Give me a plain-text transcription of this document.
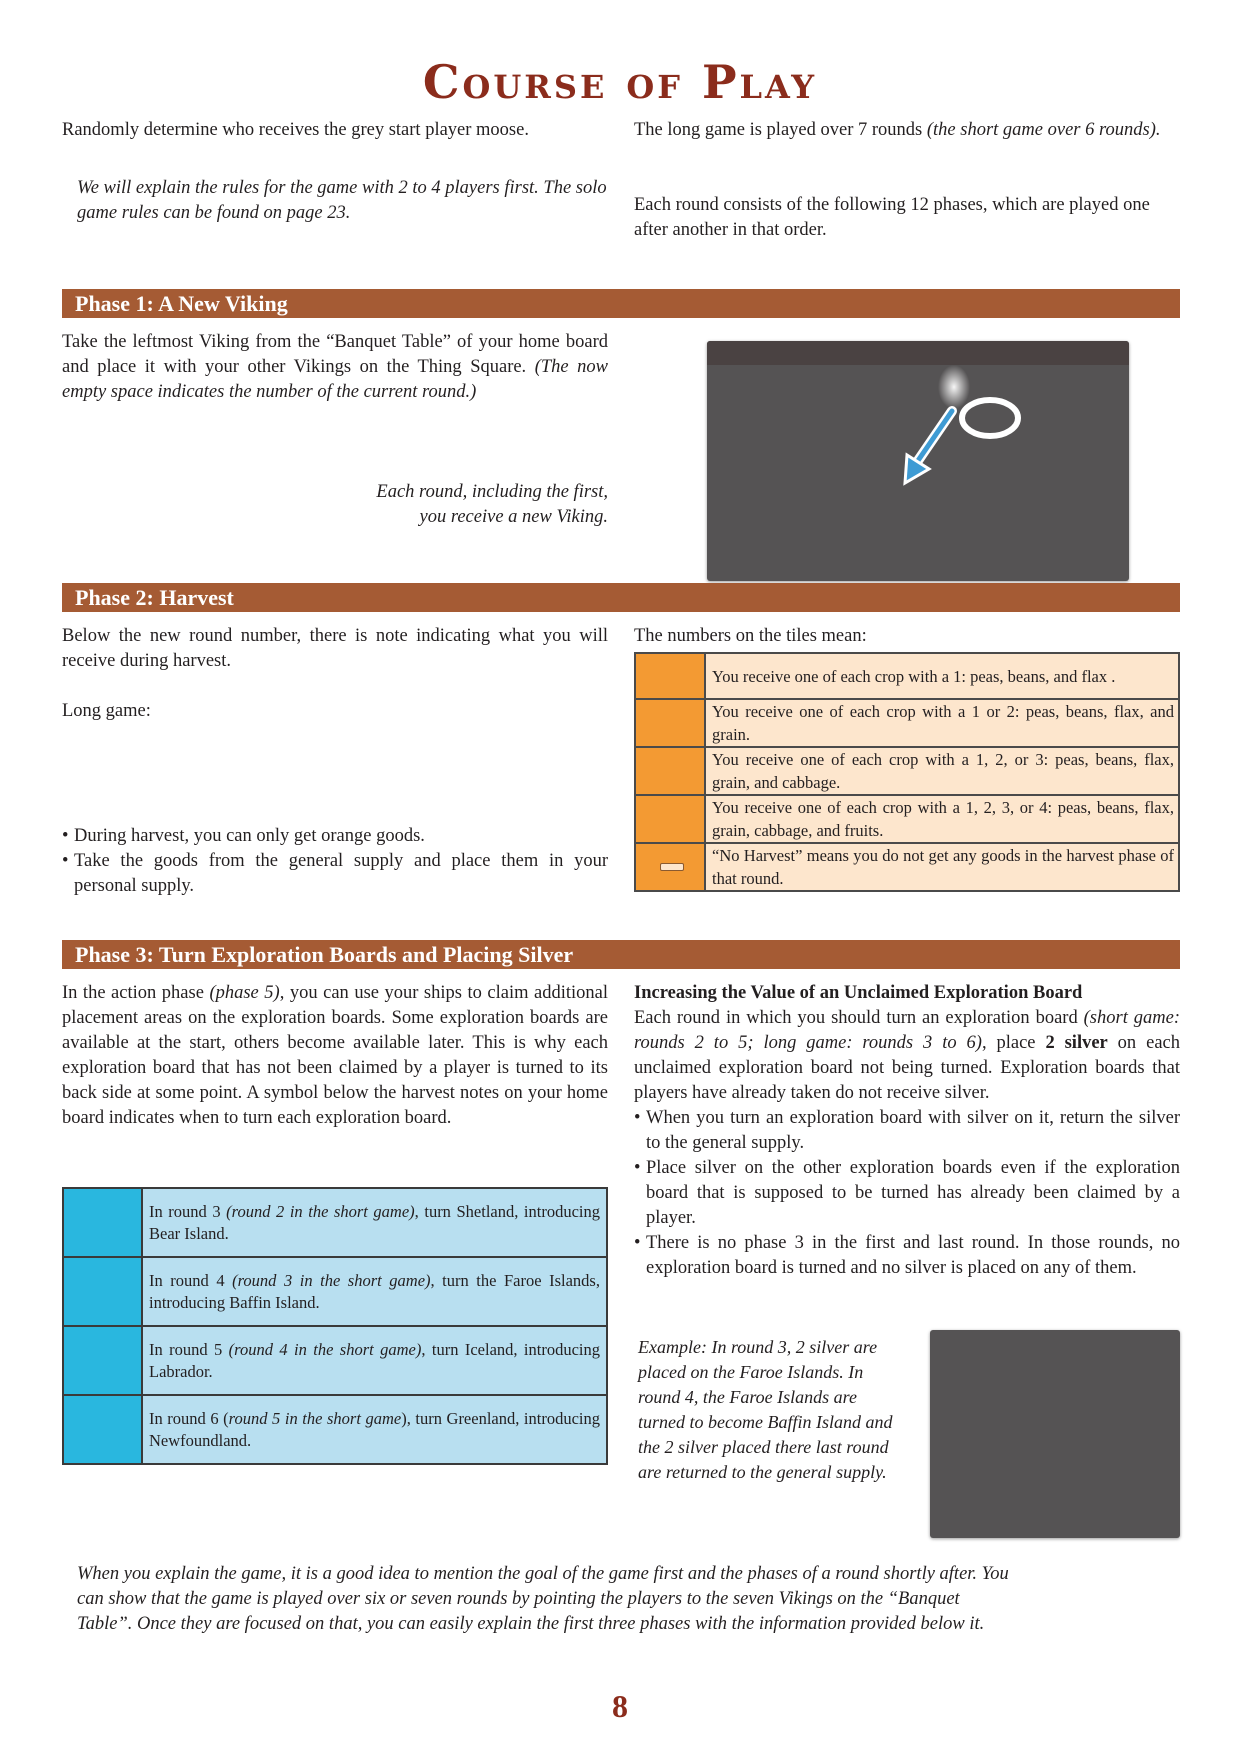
Course of Play
Randomly determine who receives the grey start player moose.
We will explain the rules for the game with 2 to 4 players first. The solo game rules can be found on page 23.
The long game is played over 7 rounds (the short game over 6 rounds).
Each round consists of the following 12 phases, which are played one after another in that order.
Phase 1: A New Viking
Take the leftmost Viking from the “Banquet Table” of your home board and place it with your other Vikings on the Thing Square. (The now empty space indicates the number of the current round.)
Each round, including the first,
you receive a new Viking.
Phase 2: Harvest
Below the new round number, there is note indicating what you will receive during harvest.
Long game:
• During harvest, you can only get orange goods.
• Take the goods from the general supply and place them in your personal supply.
The numbers on the tiles mean:
You receive one of each crop with a 1: peas, beans, and flax .
You receive one of each crop with a 1 or 2: peas, beans, flax, and grain.
You receive one of each crop with a 1, 2, or 3: peas, beans, flax, grain, and cabbage.
You receive one of each crop with a 1, 2, 3, or 4: peas, beans, flax, grain, cabbage, and fruits.
“No Harvest” means you do not get any goods in the harvest phase of that round.
Phase 3: Turn Exploration Boards and Placing Silver
In the action phase (phase 5), you can use your ships to claim additional placement areas on the exploration boards. Some exploration boards are available at the start, others become available later. This is why each exploration board that has not been claimed by a player is turned to its back side at some point. A symbol below the harvest notes on your home board indicates when to turn each exploration board.
In round 3 (round 2 in the short game), turn Shetland, introducing Bear Island.
In round 4 (round 3 in the short game), turn the Faroe Islands, introducing Baffin Island.
In round 5 (round 4 in the short game), turn Iceland, introducing Labrador.
In round 6 (round 5 in the short game), turn Greenland, introducing Newfoundland.
Increasing the Value of an Unclaimed Exploration Board
Each round in which you should turn an exploration board (short game: rounds 2 to 5; long game: rounds 3 to 6), place 2 silver on each unclaimed exploration board not being turned. Exploration boards that players have already taken do not receive silver.
• When you turn an exploration board with silver on it, return the silver to the general supply.
• Place silver on the other exploration boards even if the exploration board that is supposed to be turned has already been claimed by a player.
• There is no phase 3 in the first and last round. In those rounds, no exploration board is turned and no silver is placed on any of them.
Example: In round 3, 2 silver are placed on the Faroe Islands. In round 4, the Faroe Islands are turned to become Baffin Island and the 2 silver placed there last round are returned to the general supply.
When you explain the game, it is a good idea to mention the goal of the game first and the phases of a round shortly after. You can show that the game is played over six or seven rounds by pointing the players to the seven Vikings on the “Banquet Table”. Once they are focused on that, you can easily explain the first three phases with the information provided below it.
8
